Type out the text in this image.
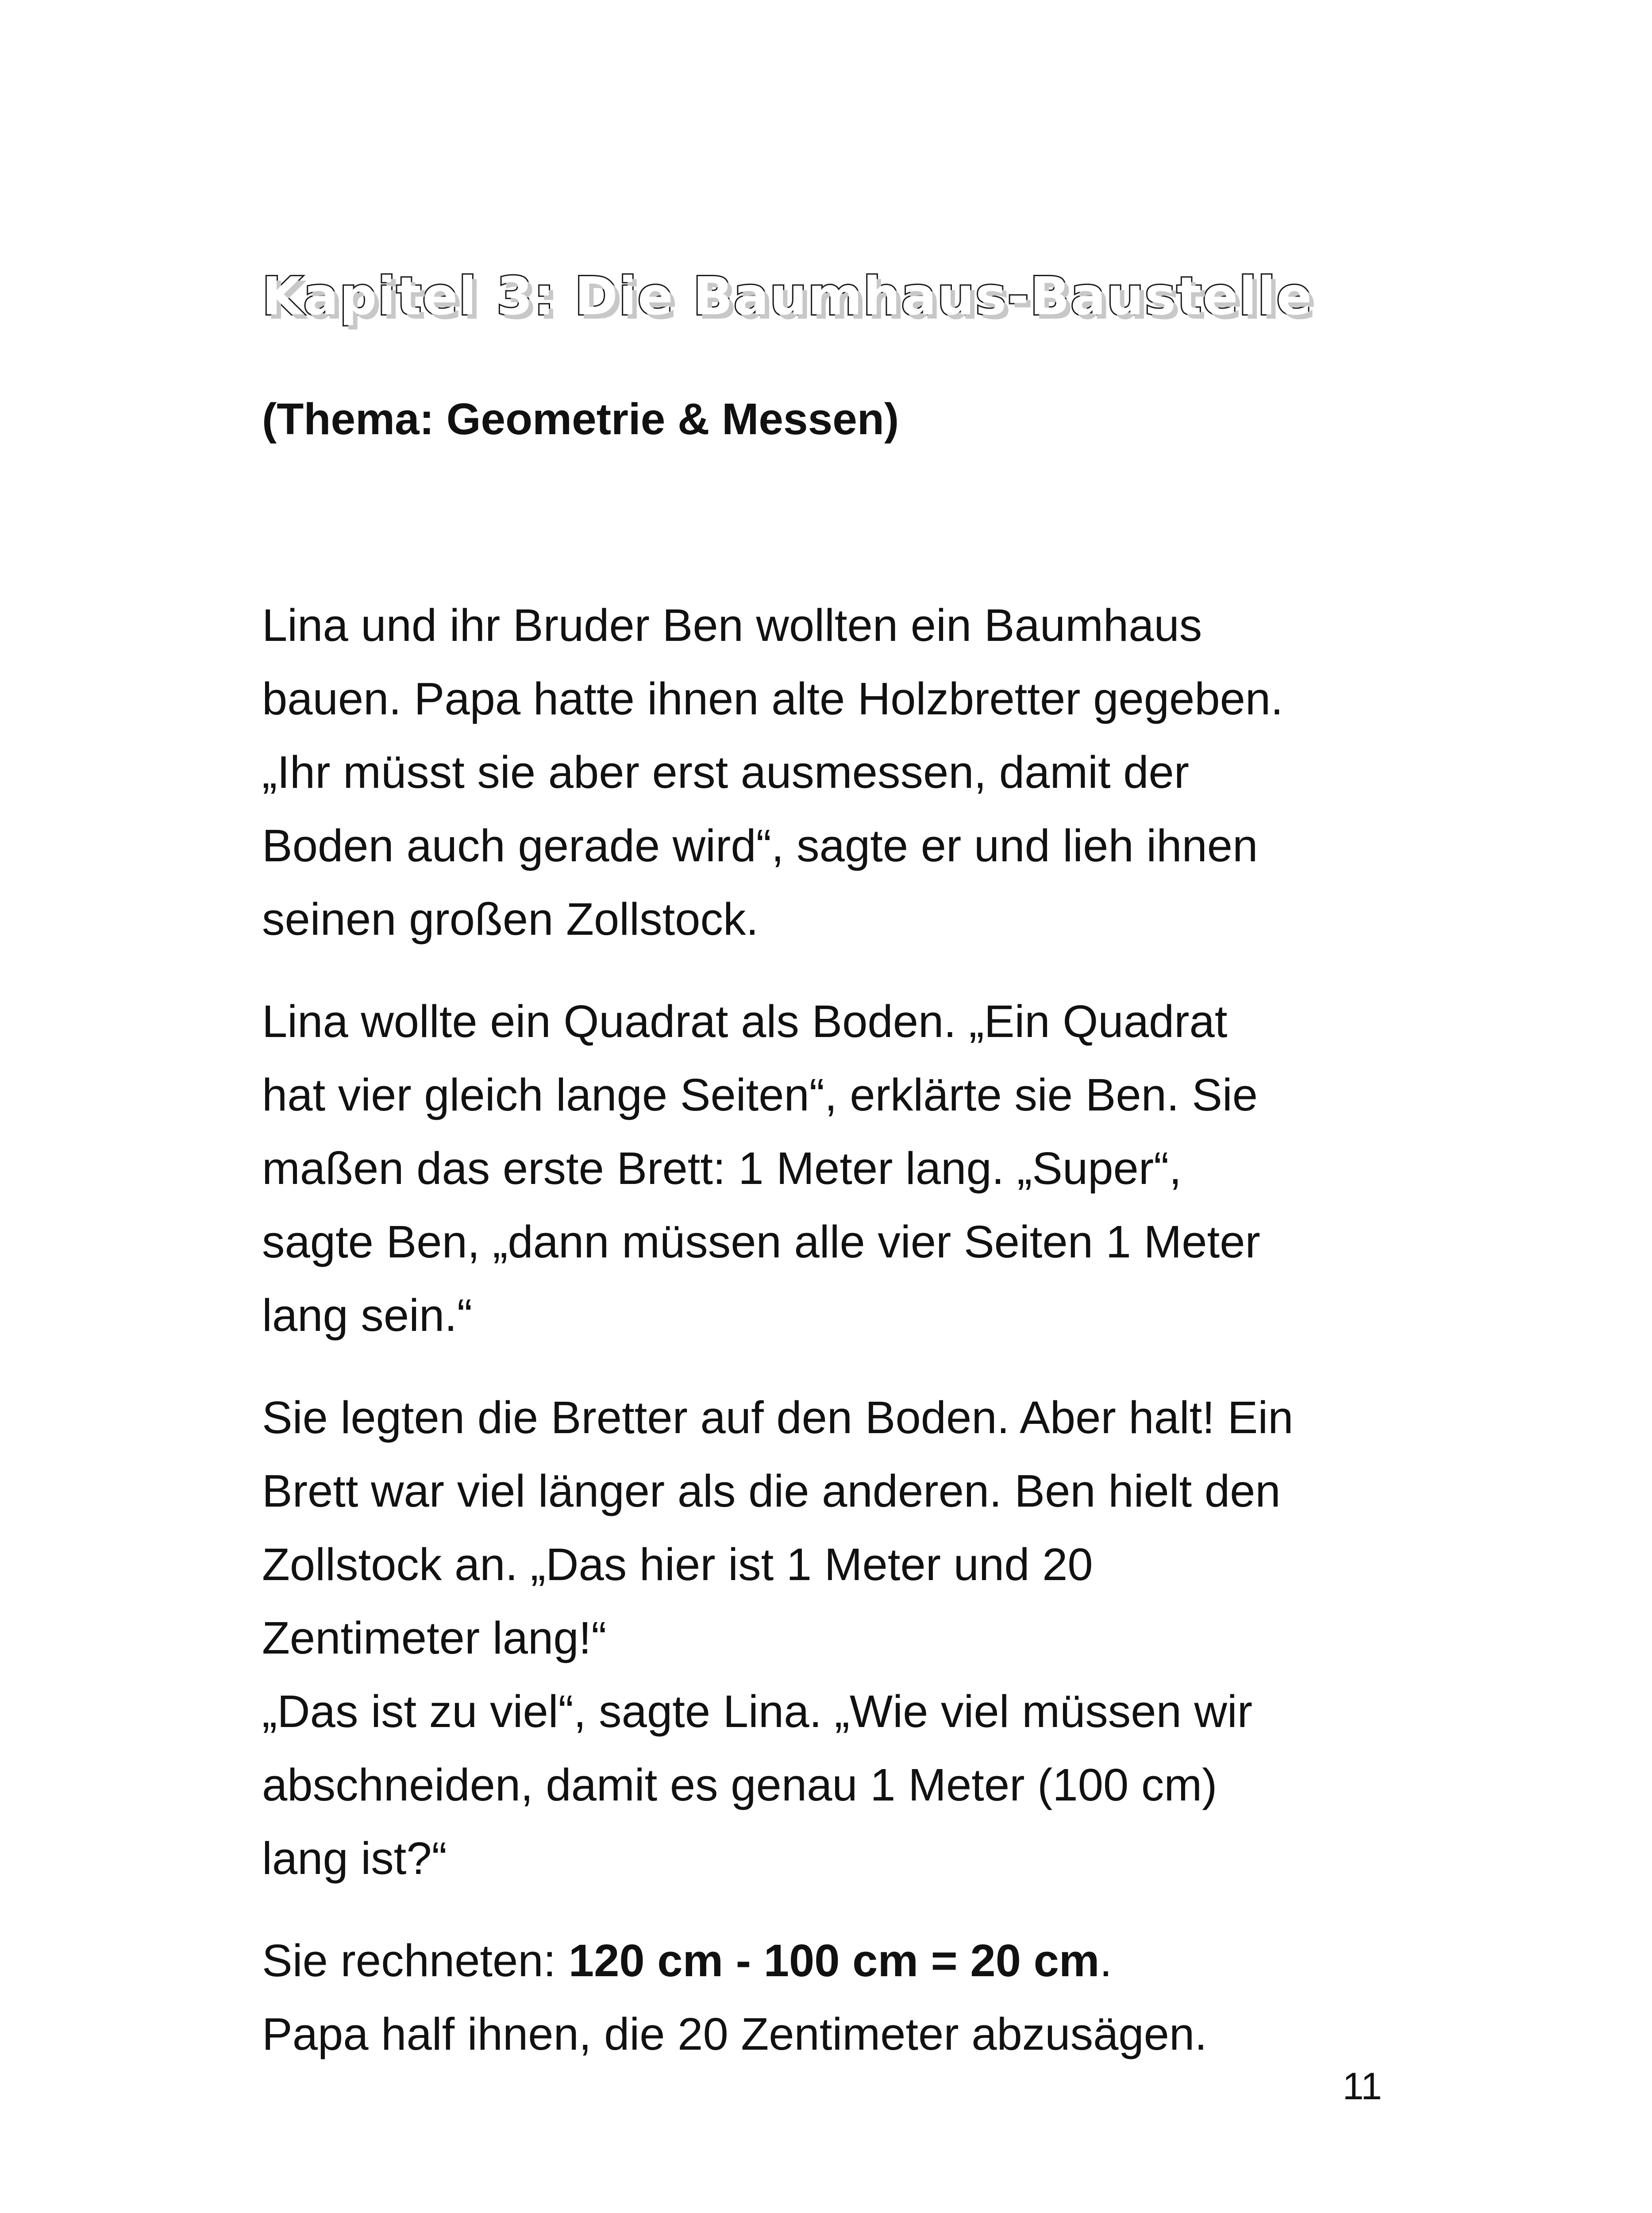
Kapitel 3: Die Baumhaus-Baustelle
(Thema: Geometrie & Messen)

Lina und ihr Bruder Ben wollten ein Baumhaus
bauen. Papa hatte ihnen alte Holzbretter gegeben.
„Ihr müsst sie aber erst ausmessen, damit der
Boden auch gerade wird“, sagte er und lieh ihnen
seinen großen Zollstock.

Lina wollte ein Quadrat als Boden. „Ein Quadrat
hat vier gleich lange Seiten“, erklärte sie Ben. Sie
maßen das erste Brett: 1 Meter lang. „Super“,
sagte Ben, „dann müssen alle vier Seiten 1 Meter
lang sein.“

Sie legten die Bretter auf den Boden. Aber halt! Ein
Brett war viel länger als die anderen. Ben hielt den
Zollstock an. „Das hier ist 1 Meter und 20
Zentimeter lang!“
„Das ist zu viel“, sagte Lina. „Wie viel müssen wir
abschneiden, damit es genau 1 Meter (100 cm)
lang ist?“

Sie rechneten: 120 cm - 100 cm = 20 cm.
Papa half ihnen, die 20 Zentimeter abzusägen.

11
